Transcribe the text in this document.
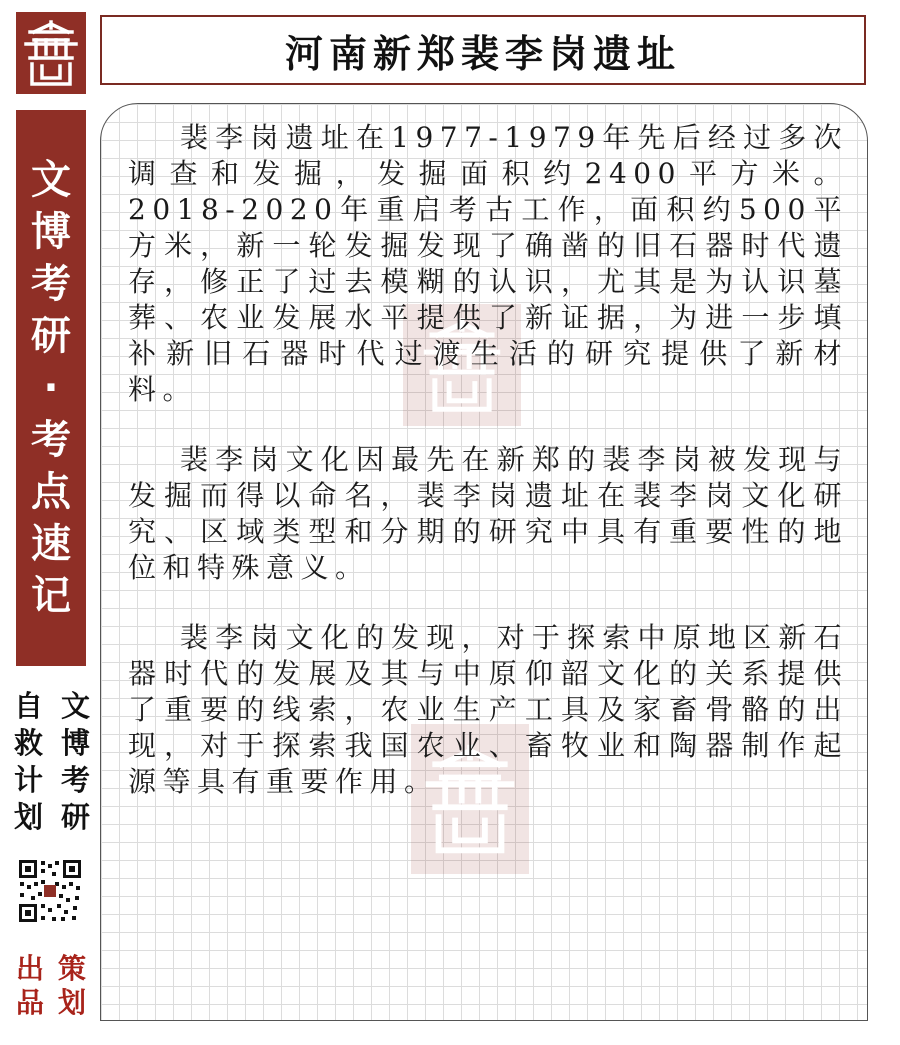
河南新郑裴李岗遗址
文
博
考
研
·
考
点
速
记
文
博
考
研
自
救
计
划
策
划
出
品

裴李岗遗址在1977-1979年先后经过多次调查和发掘，发掘面积约2400平方米。2018-2020年重启考古工作，面积约500平方米，新一轮发掘发现了确凿的旧石器时代遗存，修正了过去模糊的认识，尤其是为认识墓葬、农业发展水平提供了新证据，为进一步填补新旧石器时代过渡生活的研究提供了新材料。

裴李岗文化因最先在新郑的裴李岗被发现与发掘而得以命名，裴李岗遗址在裴李岗文化研究、区域类型和分期的研究中具有重要性的地位和特殊意义。

裴李岗文化的发现，对于探索中原地区新石器时代的发展及其与中原仰韶文化的关系提供了重要的线索，农业生产工具及家畜骨骼的出现，对于探索我国农业、畜牧业和陶器制作起源等具有重要作用。
